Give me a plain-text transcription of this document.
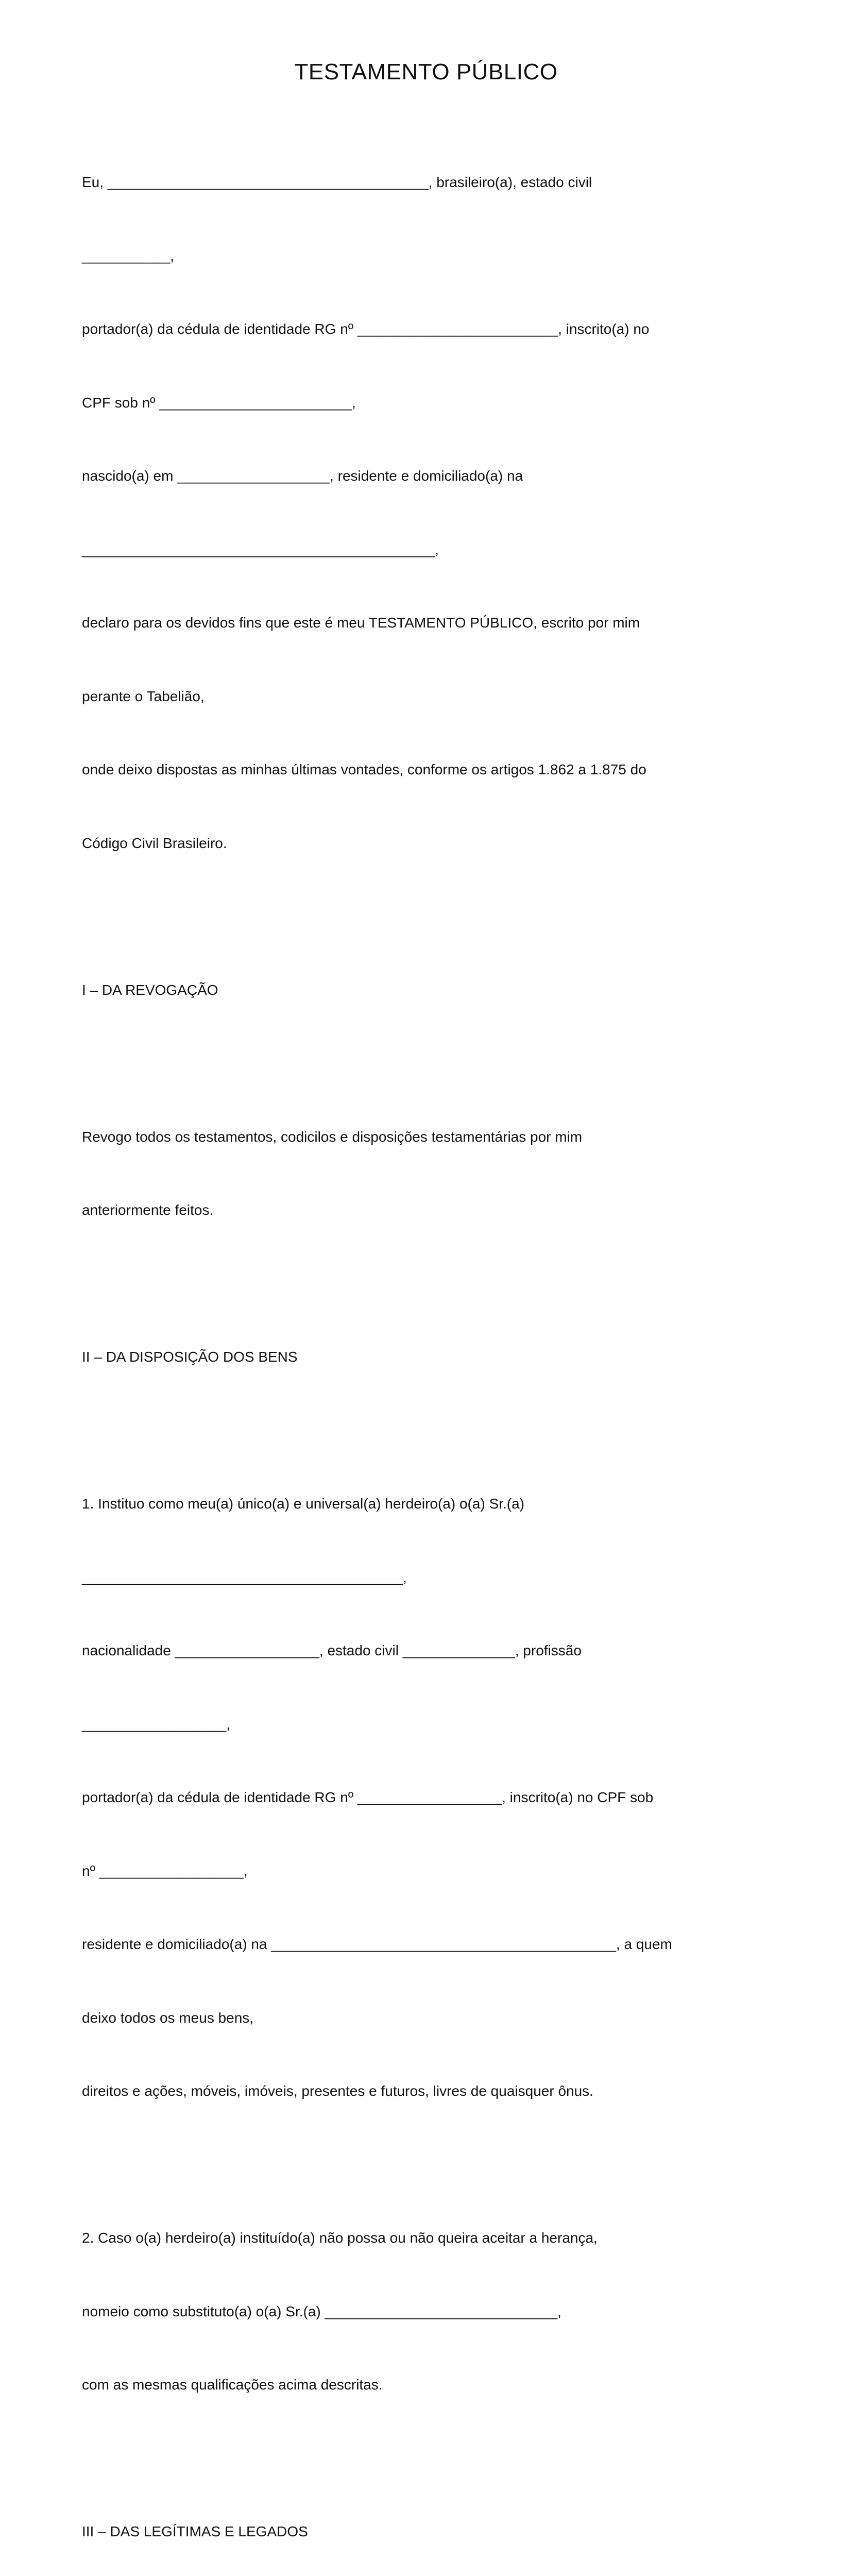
TESTAMENTO PÚBLICO

Eu, ________________________________________, brasileiro(a), estado civil

___________,

portador(a) da cédula de identidade RG nº _________________________, inscrito(a) no

CPF sob nº ________________________,

nascido(a) em ___________________, residente e domiciliado(a) na

____________________________________________,

declaro para os devidos fins que este é meu TESTAMENTO PÚBLICO, escrito por mim

perante o Tabelião,

onde deixo dispostas as minhas últimas vontades, conforme os artigos 1.862 a 1.875 do

Código Civil Brasileiro.

I – DA REVOGAÇÃO

Revogo todos os testamentos, codicilos e disposições testamentárias por mim

anteriormente feitos.

II – DA DISPOSIÇÃO DOS BENS

1. Instituo como meu(a) único(a) e universal(a) herdeiro(a) o(a) Sr.(a)

________________________________________,

nacionalidade __________________, estado civil ______________, profissão

__________________,

portador(a) da cédula de identidade RG nº __________________, inscrito(a) no CPF sob

nº __________________,

residente e domiciliado(a) na ___________________________________________, a quem

deixo todos os meus bens,

direitos e ações, móveis, imóveis, presentes e futuros, livres de quaisquer ônus.

2. Caso o(a) herdeiro(a) instituído(a) não possa ou não queira aceitar a herança,

nomeio como substituto(a) o(a) Sr.(a) _____________________________,

com as mesmas qualificações acima descritas.

III – DAS LEGÍTIMAS E LEGADOS
